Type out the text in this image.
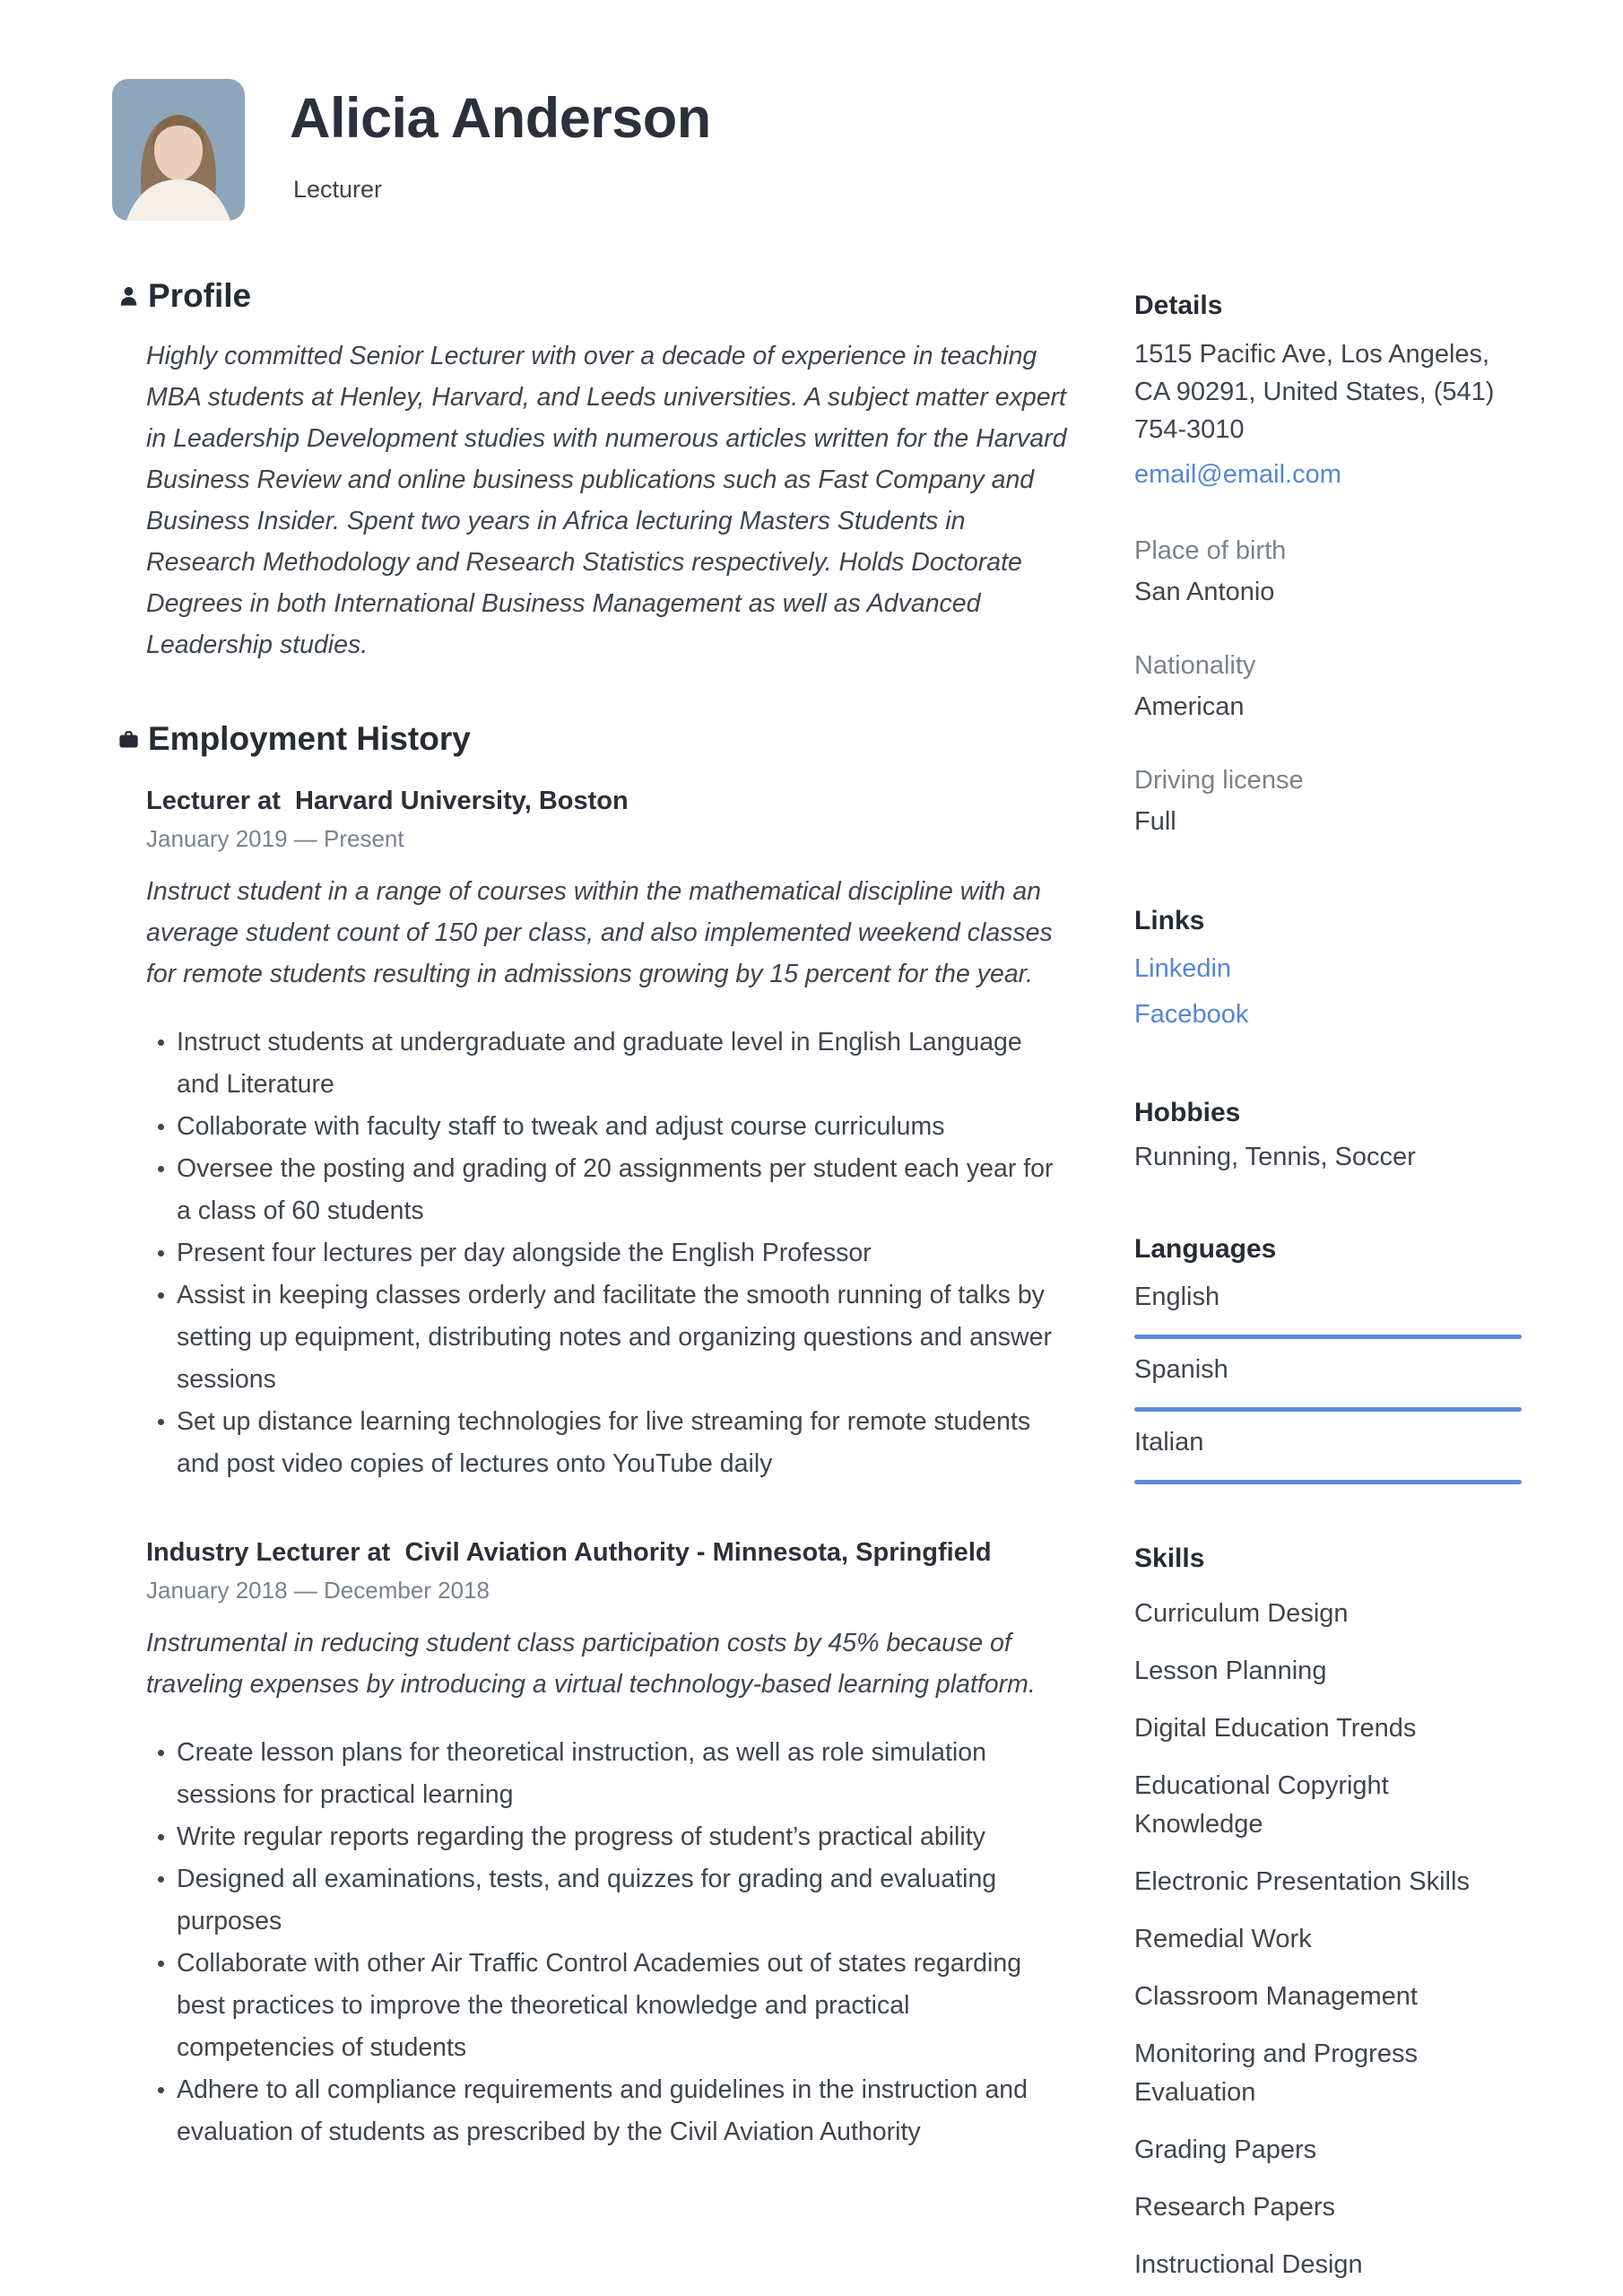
Alicia Anderson
Lecturer
Profile

Highly committed Senior Lecturer with over a decade of experience in teaching MBA students at Henley, Harvard, and Leeds universities. A subject matter expert in Leadership Development studies with numerous articles written for the Harvard Business Review and online business publications such as Fast Company and Business Insider. Spent two years in Africa lecturing Masters Students in Research Methodology and Research Statistics respectively. Holds Doctorate Degrees in both International Business Management as well as Advanced Leadership studies.

Employment History
Lecturer at  Harvard University, Boston
January 2019 — Present

Instruct student in a range of courses within the mathematical discipline with an average student count of 150 per class, and also implemented weekend classes for remote students resulting in admissions growing by 15 percent for the year.

Instruct students at undergraduate and graduate level in English Language and Literature
Collaborate with faculty staff to tweak and adjust course curriculums
Oversee the posting and grading of 20 assignments per student each year for a class of 60 students
Present four lectures per day alongside the English Professor
Assist in keeping classes orderly and facilitate the smooth running of talks by setting up equipment, distributing notes and organizing questions and answer sessions
Set up distance learning technologies for live streaming for remote students and post video copies of lectures onto YouTube daily
Industry Lecturer at  Civil Aviation Authority - Minnesota, Springfield
January 2018 — December 2018

Instrumental in reducing student class participation costs by 45% because of traveling expenses by introducing a virtual technology-based learning platform.

Create lesson plans for theoretical instruction, as well as role simulation sessions for practical learning
Write regular reports regarding the progress of student’s practical ability
Designed all examinations, tests, and quizzes for grading and evaluating purposes
Collaborate with other Air Traffic Control Academies out of states regarding best practices to improve the theoretical knowledge and practical competencies of students
Adhere to all compliance requirements and guidelines in the instruction and evaluation of students as prescribed by the Civil Aviation Authority
Details

1515 Pacific Ave, Los Angeles, CA 90291, United States, (541) 754-3010

email@email.com

Place of birth

San Antonio

Nationality

American

Driving license

Full

Links
Linkedin
Facebook
Hobbies

Running, Tennis, Soccer

Languages
English
Spanish
Italian
Skills
Curriculum Design
Lesson Planning
Digital Education Trends
Educational Copyright Knowledge
Electronic Presentation Skills
Remedial Work
Classroom Management
Monitoring and Progress Evaluation
Grading Papers
Research Papers
Instructional Design
